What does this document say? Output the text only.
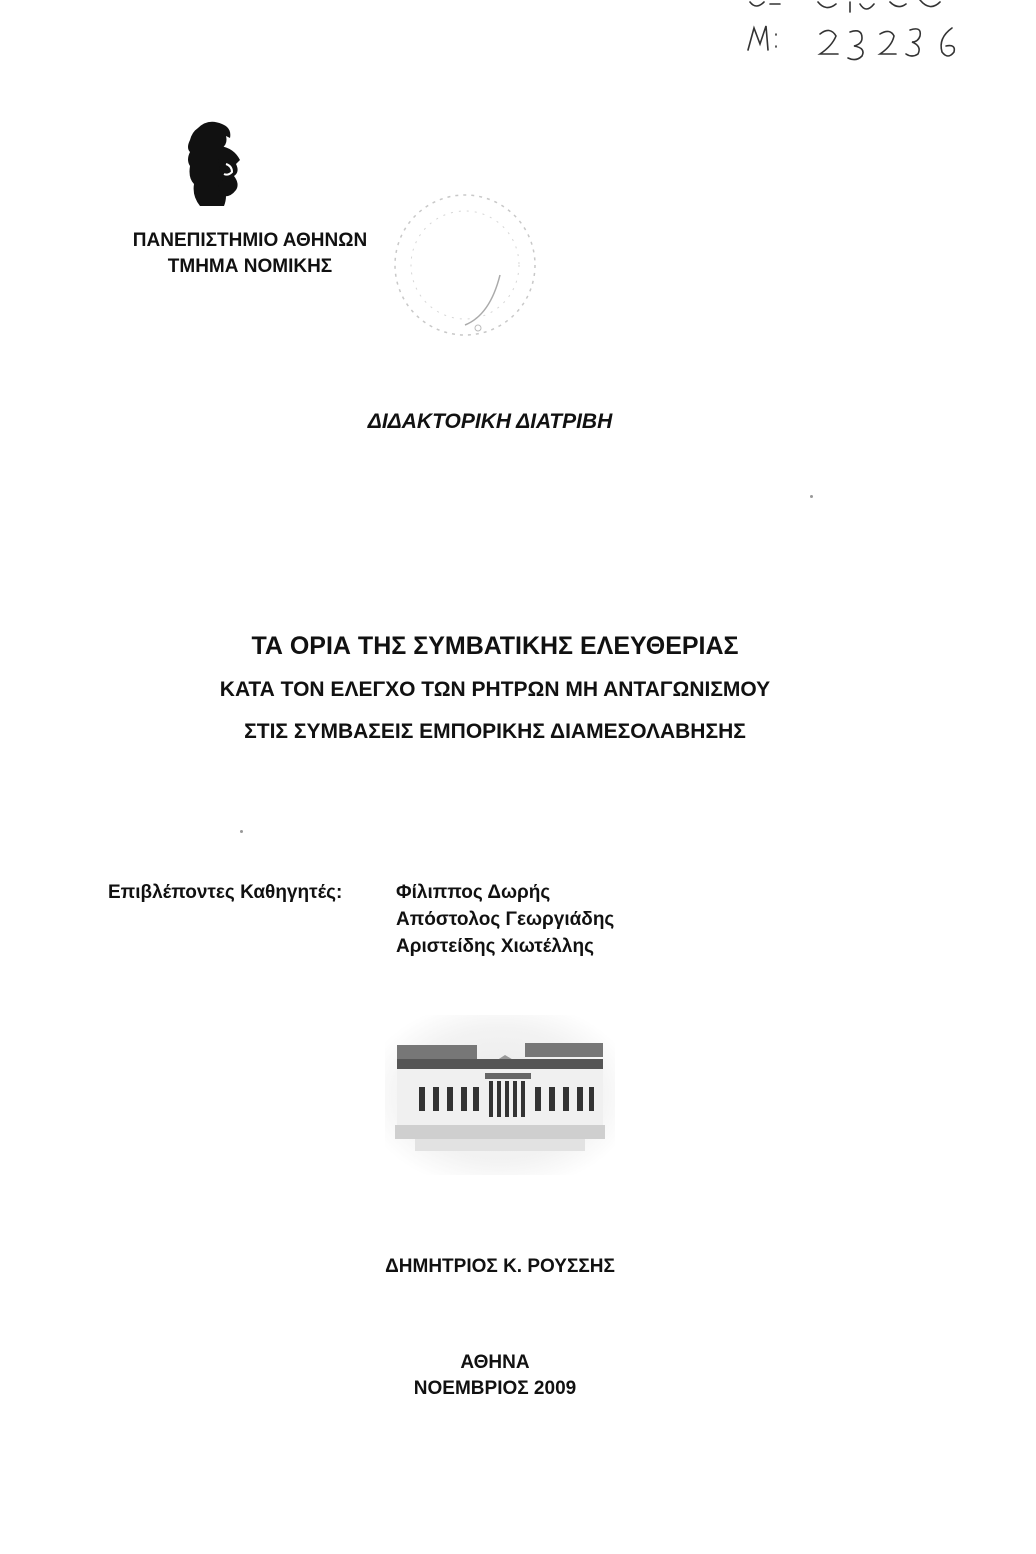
ΠΑΝΕΠΙΣΤΗΜΙΟ ΑΘΗΝΩΝ
ΤΜΗΜΑ ΝΟΜΙΚΗΣ
ΔΙΔΑΚΤΟΡΙΚΗ ΔΙΑΤΡΙΒΗ
ΤΑ ΟΡΙΑ ΤΗΣ ΣΥΜΒΑΤΙΚΗΣ ΕΛΕΥΘΕΡΙΑΣ
ΚΑΤΑ ΤΟΝ ΕΛΕΓΧΟ ΤΩΝ ΡΗΤΡΩΝ ΜΗ ΑΝΤΑΓΩΝΙΣΜΟΥ
ΣΤΙΣ ΣΥΜΒΑΣΕΙΣ ΕΜΠΟΡΙΚΗΣ ΔΙΑΜΕΣΟΛΑΒΗΣΗΣ
Επιβλέποντες Καθηγητές:	Φίλιππος Δωρής
Απόστολος Γεωργιάδης
Αριστείδης Χιωτέλλης
ΔΗΜΗΤΡΙΟΣ Κ. ΡΟΥΣΣΗΣ
ΑΘΗΝΑ
ΝΟΕΜΒΡΙΟΣ 2009
